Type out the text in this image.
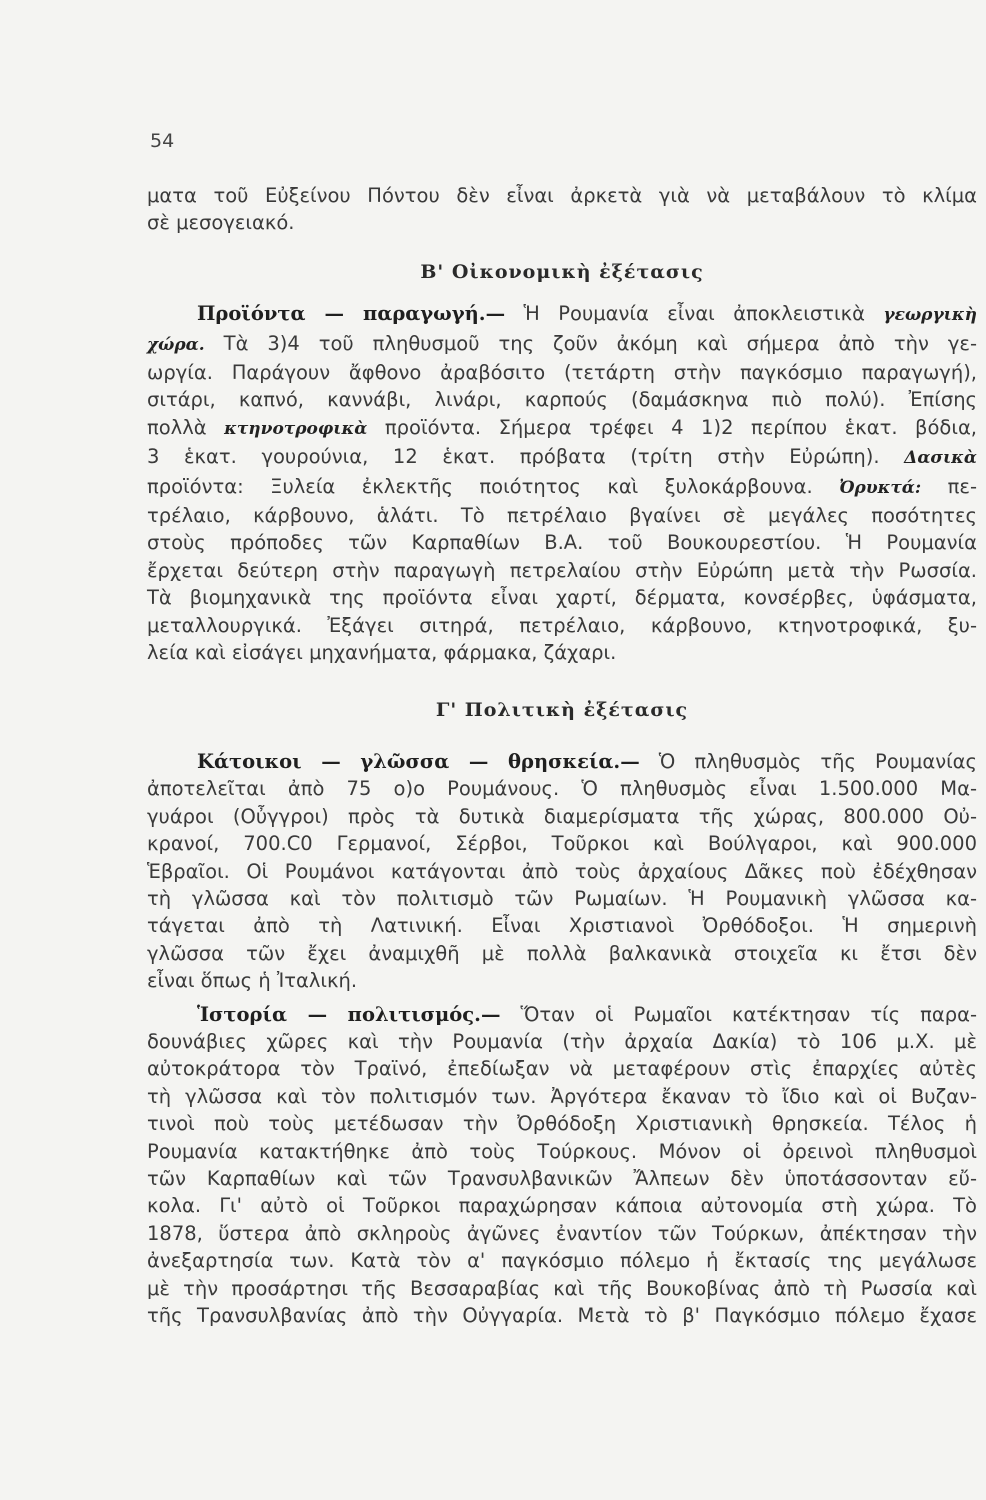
54

ματα τοῦ Εὐξείνου Πόντου δὲν εἶναι ἀρκετὰ γιὰ νὰ μεταβάλουν τὸ κλίμα
σὲ μεσογειακό.

Β' Οἰκονομικὴ ἐξέτασις

Προϊόντα — παραγωγή.— Ἡ Ρουμανία εἶναι ἀποκλειστικὰ γεωργικὴ
χώρα. Τὰ 3)4 τοῦ πληθυσμοῦ της ζοῦν ἀκόμη καὶ σήμερα ἀπὸ τὴν γε-
ωργία. Παράγουν ἄφθονο ἀραβόσιτο (τετάρτη στὴν παγκόσμιο παραγωγή),
σιτάρι, καπνό, καννάβι, λινάρι, καρπούς (δαμάσκηνα πιὸ πολύ). Ἐπίσης
πολλὰ κτηνοτροφικὰ προϊόντα. Σήμερα τρέφει 4 1)2 περίπου ἑκατ. βόδια,
3 ἑκατ. γουρούνια, 12 ἑκατ. πρόβατα (τρίτη στὴν Εὐρώπη). Δασικὰ
προϊόντα: Ξυλεία ἐκλεκτῆς ποιότητος καὶ ξυλοκάρβουνα. Ὀρυκτά: πε-
τρέλαιο, κάρβουνο, ἁλάτι. Τὸ πετρέλαιο βγαίνει σὲ μεγάλες ποσότητες
στοὺς πρόποδες τῶν Καρπαθίων Β.Α. τοῦ Βουκουρεστίου. Ἡ Ρουμανία
ἔρχεται δεύτερη στὴν παραγωγὴ πετρελαίου στὴν Εὐρώπη μετὰ τὴν Ρωσσία.
Τὰ βιομηχανικὰ της προϊόντα εἶναι χαρτί, δέρματα, κονσέρβες, ὑφάσματα,
μεταλλουργικά. Ἐξάγει σιτηρά, πετρέλαιο, κάρβουνο, κτηνοτροφικά, ξυ-
λεία καὶ εἰσάγει μηχανήματα, φάρμακα, ζάχαρι.

Γ' Πολιτικὴ ἐξέτασις

Κάτοικοι — γλῶσσα — θρησκεία.— Ὁ πληθυσμὸς τῆς Ρουμανίας
ἀποτελεῖται ἀπὸ 75 ο)ο Ρουμάνους. Ὁ πληθυσμὸς εἶναι 1.500.000 Μα-
γυάροι (Οὖγγροι) πρὸς τὰ δυτικὰ διαμερίσματα τῆς χώρας, 800.000 Οὐ-
κρανοί, 700.C0 Γερμανοί, Σέρβοι, Τοῦρκοι καὶ Βούλγαροι, καὶ 900.000
Ἑβραῖοι. Οἱ Ρουμάνοι κατάγονται ἀπὸ τοὺς ἀρχαίους Δᾶκες ποὺ ἐδέχθησαν
τὴ γλῶσσα καὶ τὸν πολιτισμὸ τῶν Ρωμαίων. Ἡ Ρουμανικὴ γλῶσσα κα-
τάγεται ἀπὸ τὴ Λατινική. Εἶναι Χριστιανοὶ Ὀρθόδοξοι. Ἡ σημερινὴ
γλῶσσα τῶν ἔχει ἀναμιχθῆ μὲ πολλὰ βαλκανικὰ στοιχεῖα κι ἔτσι δὲν
εἶναι ὅπως ἡ Ἰταλική.

Ἱστορία — πολιτισμός.— Ὅταν οἱ Ρωμαῖοι κατέκτησαν τίς παρα-
δουνάβιες χῶρες καὶ τὴν Ρουμανία (τὴν ἀρχαία Δακία) τὸ 106 μ.Χ. μὲ
αὐτοκράτορα τὸν Τραϊνό, ἐπεδίωξαν νὰ μεταφέρουν στὶς ἐπαρχίες αὐτὲς
τὴ γλῶσσα καὶ τὸν πολιτισμόν των. Ἀργότερα ἔκαναν τὸ ἴδιο καὶ οἱ Βυζαν-
τινοὶ ποὺ τοὺς μετέδωσαν τὴν Ὀρθόδοξη Χριστιανικὴ θρησκεία. Τέλος ἡ
Ρουμανία κατακτήθηκε ἀπὸ τοὺς Τούρκους. Μόνον οἱ ὀρεινοὶ πληθυσμοὶ
τῶν Καρπαθίων καὶ τῶν Τρανσυλβανικῶν Ἄλπεων δὲν ὑποτάσσονταν εὔ-
κολα. Γι' αὐτὸ οἱ Τοῦρκοι παραχώρησαν κάποια αὐτονομία στὴ χώρα. Τὸ
1878, ὕστερα ἀπὸ σκληροὺς ἀγῶνες ἐναντίον τῶν Τούρκων, ἀπέκτησαν τὴν
ἀνεξαρτησία των. Κατὰ τὸν α' παγκόσμιο πόλεμο ἡ ἔκτασίς της μεγάλωσε
μὲ τὴν προσάρτησι τῆς Βεσσαραβίας καὶ τῆς Βουκοβίνας ἀπὸ τὴ Ρωσσία καὶ
τῆς Τρανσυλβανίας ἀπὸ τὴν Οὐγγαρία. Μετὰ τὸ β' Παγκόσμιο πόλεμο ἔχασε
